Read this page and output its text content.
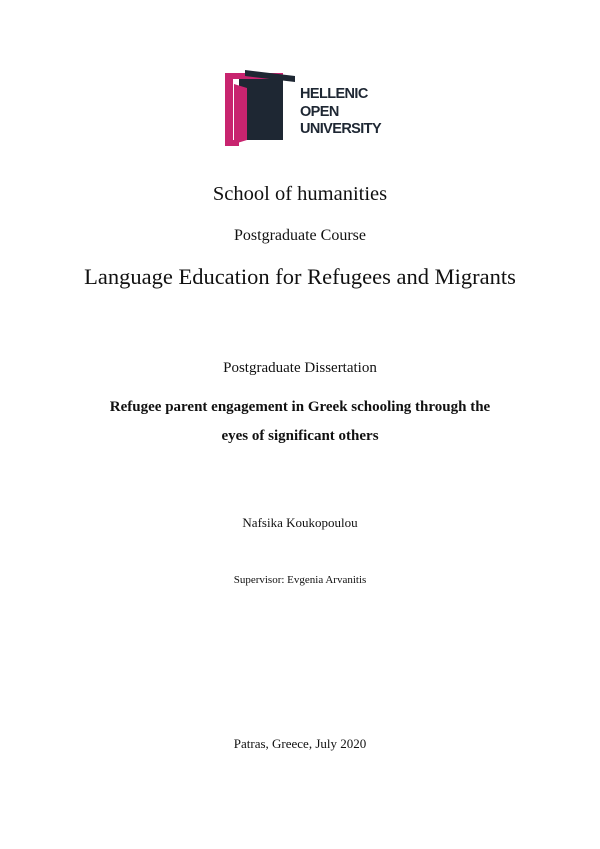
HELLENIC
OPEN
UNIVERSITY
School of humanities
Postgraduate Course
Language Education for Refugees and Migrants
Postgraduate Dissertation
Refugee parent engagement in Greek schooling through the
eyes of significant others
Nafsika Koukopoulou
Supervisor: Evgenia Arvanitis
Patras, Greece, July 2020
